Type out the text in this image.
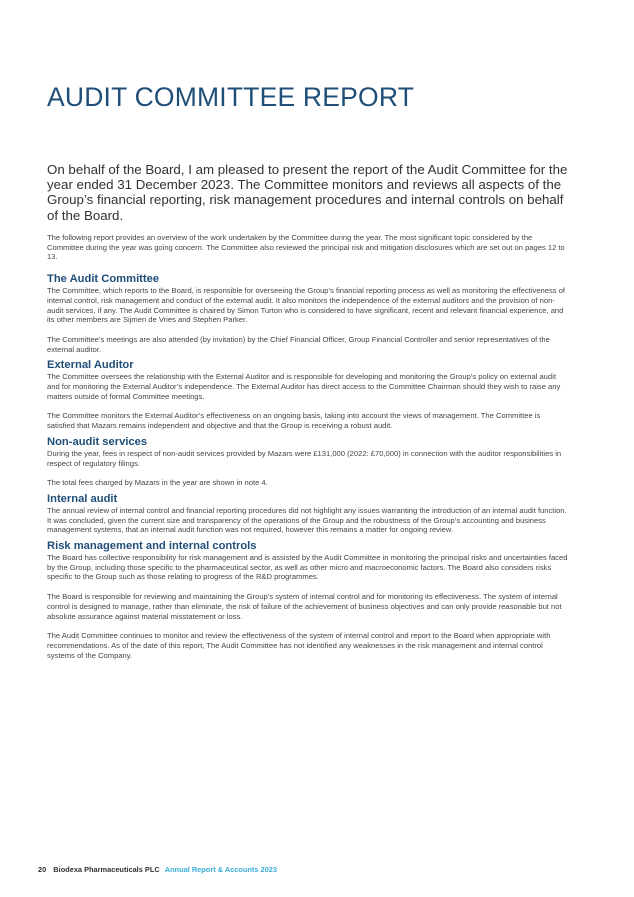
AUDIT COMMITTEE REPORT

On behalf of the Board, I am pleased to present the report of the Audit Committee for the year ended 31 December 2023. The Committee monitors and reviews all aspects of the Group’s financial reporting, risk management procedures and internal controls on behalf of the Board.

The following report provides an overview of the work undertaken by the Committee during the year. The most significant topic considered by the Committee during the year was going concern. The Committee also reviewed the principal risk and mitigation disclosures which are set out on pages 12 to 13.

The Audit Committee

The Committee, which reports to the Board, is responsible for overseeing the Group’s financial reporting process as well as monitoring the effectiveness of internal control, risk management and conduct of the external audit. It also monitors the independence of the external auditors and the provision of non-audit services, if any. The Audit Committee is chaired by Simon Turton who is considered to have significant, recent and relevant financial experience, and its other members are Sijmen de Vries and Stephen Parker.

The Committee’s meetings are also attended (by invitation) by the Chief Financial Officer, Group Financial Controller and senior representatives of the external auditor.

External Auditor

The Committee oversees the relationship with the External Auditor and is responsible for developing and monitoring the Group’s policy on external audit and for monitoring the External Auditor’s independence. The External Auditor has direct access to the Committee Chairman should they wish to raise any matters outside of formal Committee meetings.

The Committee monitors the External Auditor’s effectiveness on an ongoing basis, taking into account the views of management. The Committee is satisfied that Mazars remains independent and objective and that the Group is receiving a robust audit.

Non-audit services

During the year, fees in respect of non-audit services provided by Mazars were £131,000 (2022: £70,000) in connection with the auditor responsibilities in respect of regulatory filings.

The total fees charged by Mazars in the year are shown in note 4.

Internal audit

The annual review of internal control and financial reporting procedures did not highlight any issues warranting the introduction of an internal audit function. It was concluded, given the current size and transparency of the operations of the Group and the robustness of the Group’s accounting and business management systems, that an internal audit function was not required, however this remains a matter for ongoing review.

Risk management and internal controls

The Board has collective responsibility for risk management and is assisted by the Audit Committee in monitoring the principal risks and uncertainties faced by the Group, including those specific to the pharmaceutical sector, as well as other micro and macroeconomic factors. The Board also considers risks specific to the Group such as those relating to progress of the R&D programmes.

The Board is responsible for reviewing and maintaining the Group’s system of internal control and for monitoring its effectiveness. The system of internal control is designed to manage, rather than eliminate, the risk of failure of the achievement of business objectives and can only provide reasonable but not absolute assurance against material misstatement or loss.

The Audit Committee continues to monitor and review the effectiveness of the system of internal control and report to the Board when appropriate with recommendations. As of the date of this report, The Audit Committee has not identified any weaknesses in the risk management and internal control systems of the Company.

20 Biodexa Pharmaceuticals PLC Annual Report & Accounts 2023
